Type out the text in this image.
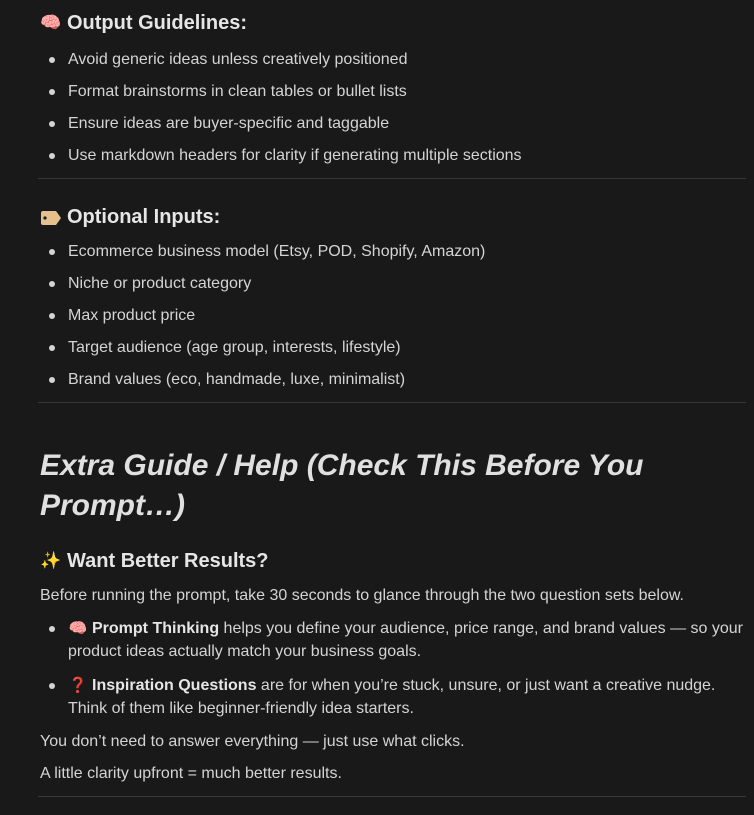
🧠 Output Guidelines:
Avoid generic ideas unless creatively positioned
Format brainstorms in clean tables or bullet lists
Ensure ideas are buyer-specific and taggable
Use markdown headers for clarity if generating multiple sections
Optional Inputs:
Ecommerce business model (Etsy, POD, Shopify, Amazon)
Niche or product category
Max product price
Target audience (age group, interests, lifestyle)
Brand values (eco, handmade, luxe, minimalist)
Extra Guide / Help (Check This Before You Prompt…)
✨ Want Better Results?
Before running the prompt, take 30 seconds to glance through the two question sets below.
🧠 Prompt Thinking helps you define your audience, price range, and brand values — so your product ideas actually match your business goals.
❓ Inspiration Questions are for when you’re stuck, unsure, or just want a creative nudge. Think of them like beginner-friendly idea starters.
You don’t need to answer everything — just use what clicks.
A little clarity upfront = much better results.
